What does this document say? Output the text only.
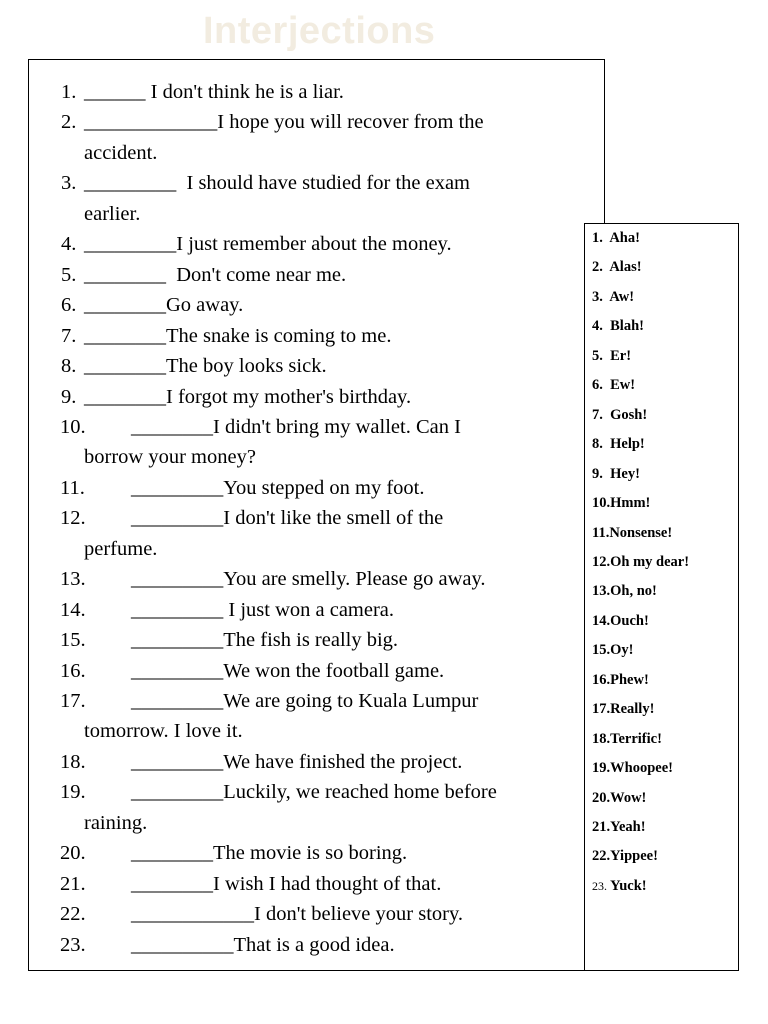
Interjections
1. ______ I don't think he is a liar.
2. _____________I hope you will recover from the
accident.
3. _________  I should have studied for the exam
earlier.
4. _________I just remember about the money.
5. ________  Don't come near me.
6. ________Go away.
7. ________The snake is coming to me.
8. ________The boy looks sick.
9. ________I forgot my mother's birthday.
10. ________I didn't bring my wallet. Can I
borrow your money?
11. _________You stepped on my foot.
12. _________I don't like the smell of the
perfume.
13. _________You are smelly. Please go away.
14. _________ I just won a camera.
15. _________The fish is really big.
16. _________We won the football game.
17. _________We are going to Kuala Lumpur
tomorrow. I love it.
18. _________We have finished the project.
19. _________Luckily, we reached home before
raining.
20. ________The movie is so boring.
21. ________I wish I had thought of that.
22. ____________I don't believe your story.
23. __________That is a good idea.
1. Aha!
2. Alas!
3. Aw!
4. Blah!
5. Er!
6. Ew!
7. Gosh!
8. Help!
9. Hey!
10.Hmm!
11.Nonsense!
12.Oh my dear!
13.Oh, no!
14.Ouch!
15.Oy!
16.Phew!
17.Really!
18.Terrific!
19.Whoopee!
20.Wow!
21.Yeah!
22.Yippee!
23. Yuck!
